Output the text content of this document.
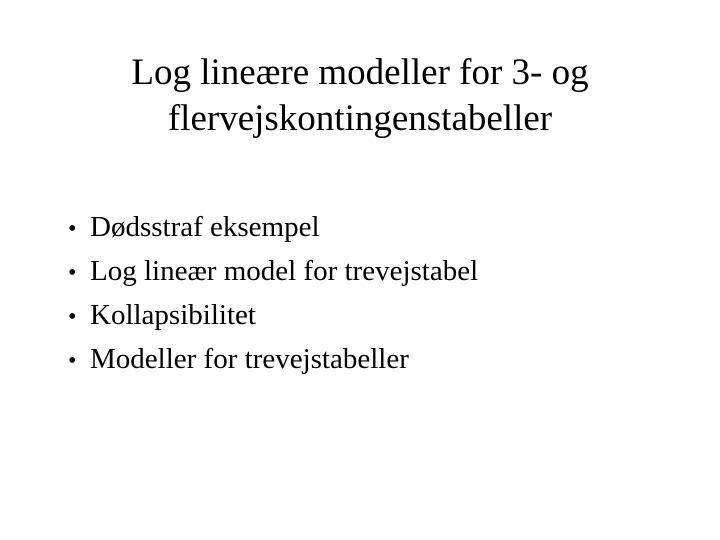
Log lineære modeller for 3- og
flervejskontingenstabeller
• Dødsstraf eksempel
• Log lineær model for trevejstabel
• Kollapsibilitet
• Modeller for trevejstabeller
